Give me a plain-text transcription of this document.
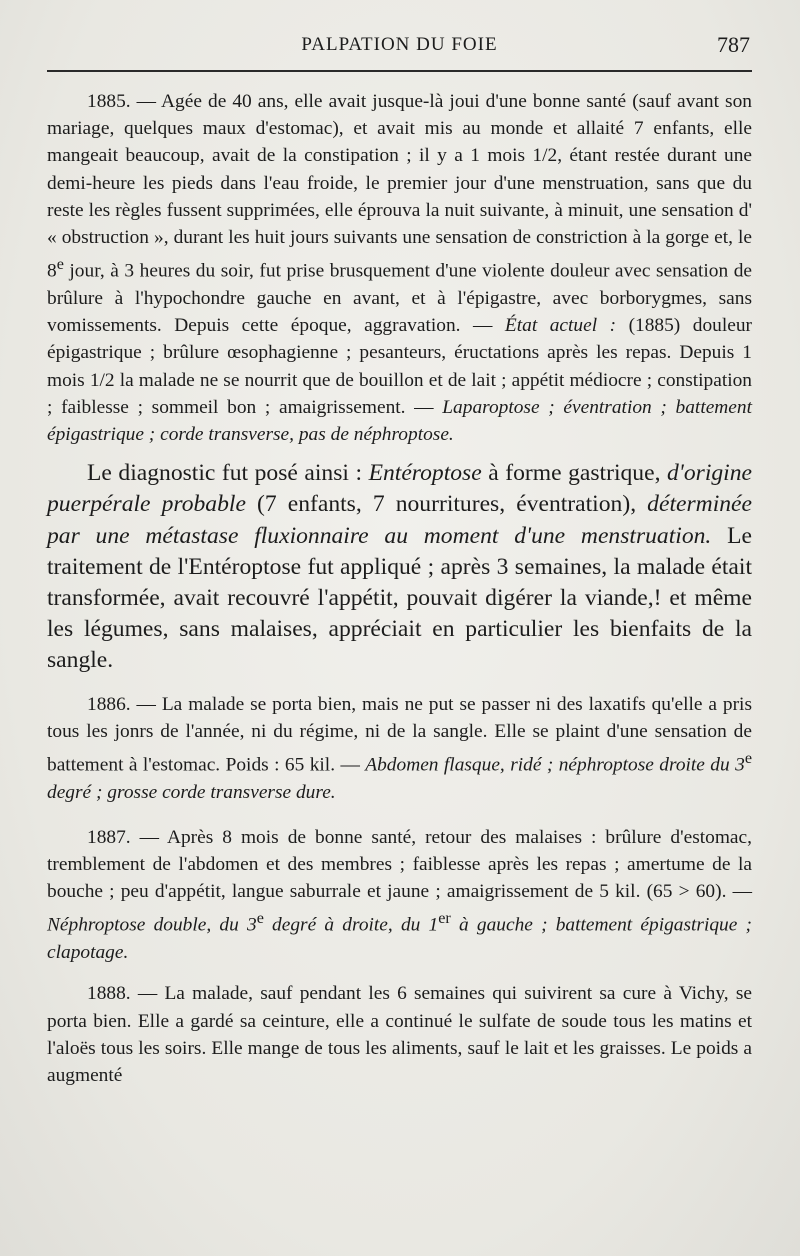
PALPATION DU FOIE	787

1885. — Agée de 40 ans, elle avait jusque-là joui d'une bonne santé (sauf avant son mariage, quelques maux d'estomac), et avait mis au monde et allaité 7 enfants, elle mangeait beaucoup, avait de la constipation ; il y a 1 mois 1/2, étant restée durant une demi-heure les pieds dans l'eau froide, le premier jour d'une menstruation, sans que du reste les règles fussent supprimées, elle éprouva la nuit suivante, à minuit, une sensation d' « obstruction », durant les huit jours suivants une sensation de constriction à la gorge et, le 8e jour, à 3 heures du soir, fut prise brusquement d'une violente douleur avec sensation de brûlure à l'hypochondre gauche en avant, et à l'épigastre, avec borborygmes, sans vomissements. Depuis cette époque, aggravation. — État actuel : (1885) douleur épigastrique ; brûlure œsophagienne ; pesanteurs, éructations après les repas. Depuis 1 mois 1/2 la malade ne se nourrit que de bouillon et de lait ; appétit médiocre ; constipation ; faiblesse ; sommeil bon ; amaigrissement. — Laparoptose ; éventration ; battement épigastrique ; corde transverse, pas de néphroptose.

Le diagnostic fut posé ainsi : Entéroptose à forme gastrique, d'origine puerpérale probable (7 enfants, 7 nourritures, éventration), déterminée par une métastase fluxionnaire au moment d'une menstruation. Le traitement de l'Entéroptose fut appliqué ; après 3 semaines, la malade était transformée, avait recouvré l'appétit, pouvait digérer la viande,! et même les légumes, sans malaises, appréciait en particulier les bienfaits de la sangle.

1886. — La malade se porta bien, mais ne put se passer ni des laxatifs qu'elle a pris tous les jonrs de l'année, ni du régime, ni de la sangle. Elle se plaint d'une sensation de battement à l'estomac. Poids : 65 kil. — Abdomen flasque, ridé ; néphroptose droite du 3e degré ; grosse corde transverse dure.

1887. — Après 8 mois de bonne santé, retour des malaises : brûlure d'estomac, tremblement de l'abdomen et des membres ; faiblesse après les repas ; amertume de la bouche ; peu d'appétit, langue saburrale et jaune ; amaigrissement de 5 kil. (65 > 60). — Néphroptose double, du 3e degré à droite, du 1er à gauche ; battement épigastrique ; clapotage.

1888. — La malade, sauf pendant les 6 semaines qui suivirent sa cure à Vichy, se porta bien. Elle a gardé sa ceinture, elle a continué le sulfate de soude tous les matins et l'aloës tous les soirs. Elle mange de tous les aliments, sauf le lait et les graisses. Le poids a augmenté
